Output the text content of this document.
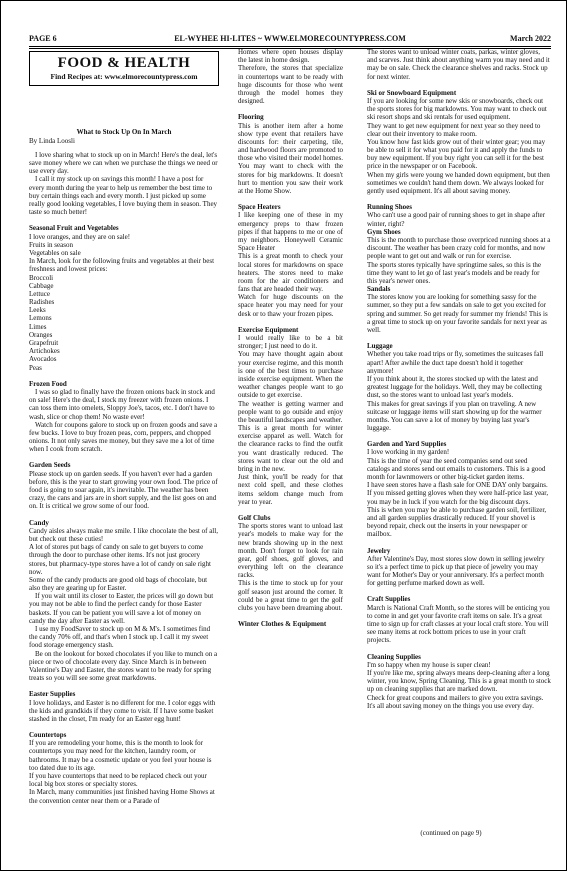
PAGE 6	EL-WYHEE HI-LITES ~ WWW.ELMORECOUNTYPRESS.COM	March 2022
FOOD & HEALTH
Find Recipes at: www.elmorecountypress.com
What to Stock Up On In March
By Linda Loosli

I love sharing what to stock up on in March! Here's the deal, let's save money where we can when we purchase the things we need or use every day.

I call it my stock up on savings this month! I have a post for every month during the year to help us remember the best time to buy certain things each and every month. I just picked up some really good looking vegetables, I love buying them in season. They taste so much better!

Seasonal Fruit and Vegetables

I love oranges, and they are on sale!

Fruits in season

Vegetables on sale

In March, look for the following fruits and vegetables at their best freshness and lowest prices:

Broccoli

Cabbage

Lettuce

Radishes

Leeks

Lemons

Limes

Oranges

Grapefruit

Artichokes

Avocados

Peas

Frozen Food

I was so glad to finally have the frozen onions back in stock and on sale! Here's the deal, I stock my freezer with frozen onions. I can toss them into omelets, Sloppy Joe's, tacos, etc. I don't have to wash, slice or chop them! No waste ever!

Watch for coupons galore to stock up on frozen goods and save a few bucks. I love to buy frozen peas, corn, peppers, and chopped onions. It not only saves me money, but they save me a lot of time when I cook from scratch.

Garden Seeds

Please stock up on garden seeds. If you haven't ever had a garden before, this is the year to start growing your own food. The price of food is going to soar again, it's inevitable. The weather has been crazy, the cans and jars are in short supply, and the list goes on and on. It is critical we grow some of our food.

Candy

Candy aisles always make me smile. I like chocolate the best of all, but check out these cuties!

A lot of stores put bags of candy on sale to get buyers to come through the door to purchase other items. It's not just grocery stores, but pharmacy-type stores have a lot of candy on sale right now.

Some of the candy products are good old bags of chocolate, but also they are gearing up for Easter.

If you wait until its closer to Easter, the prices will go down but you may not be able to find the perfect candy for those Easter baskets. If you can be patient you will save a lot of money on candy the day after Easter as well.

I use my FoodSaver to stock up on M & M's. I sometimes find the candy 70% off, and that's when I stock up. I call it my sweet food storage emergency stash.

Be on the lookout for boxed chocolates if you like to munch on a piece or two of chocolate every day. Since March is in between Valentine's Day and Easter, the stores want to be ready for spring treats so you will see some great markdowns.

Easter Supplies

I love holidays, and Easter is no different for me. I color eggs with the kids and grandkids if they come to visit. If I have some basket stashed in the closet, I'm ready for an Easter egg hunt!

Countertops

If you are remodeling your home, this is the month to look for countertops you may need for the kitchen, laundry room, or bathrooms. It may be a cosmetic update or you feel your house is too dated due to its age.

If you have countertops that need to be replaced check out your local big box stores or specialty stores.

In March, many communities just finished having Home Shows at the convention center near them or a Parade of

Homes where open houses display the latest in home design.

Therefore, the stores that specialize in countertops want to be ready with huge discounts for those who went through the model homes they designed.

Flooring

This is another item after a home show type event that retailers have discounts for: their carpeting, tile, and hardwood floors are promoted to those who visited their model homes. You may want to check with the stores for big markdowns. It doesn't hurt to mention you saw their work at the Home Show.

Space Heaters

I like keeping one of these in my emergency preps to thaw frozen pipes if that happens to me or one of my neighbors. Honeywell Ceramic Space Heater

This is a great month to check your local stores for markdowns on space heaters. The stores need to make room for the air conditioners and fans that are headed their way.

Watch for huge discounts on the space heater you may need for your desk or to thaw your frozen pipes.

Exercise Equipment

I would really like to be a bit stronger; I just need to do it.

You may have thought again about your exercise regime, and this month is one of the best times to purchase inside exercise equipment. When the weather changes people want to go outside to get exercise.

The weather is getting warmer and people want to go outside and enjoy the beautiful landscapes and weather.

This is a great month for winter exercise apparel as well. Watch for the clearance racks to find the outfit you want drastically reduced. The stores want to clear out the old and bring in the new.

Just think, you'll be ready for that next cold spell, and these clothes items seldom change much from year to year.

Golf Clubs

The sports stores want to unload last year's models to make way for the new brands showing up in the next month. Don't forget to look for rain gear, golf shoes, golf gloves, and everything left on the clearance racks.

This is the time to stock up for your golf season just around the corner. It could be a great time to get the golf clubs you have been dreaming about.

Winter Clothes & Equipment

The stores want to unload winter coats, parkas, winter gloves, and scarves. Just think about anything warm you may need and it may be on sale. Check the clearance shelves and racks. Stock up for next winter.

Ski or Snowboard Equipment

If you are looking for some new skis or snowboards, check out the sports stores for big markdowns. You may want to check out ski resort shops and ski rentals for used equipment.

They want to get new equipment for next year so they need to clear out their inventory to make room.

You know how fast kids grow out of their winter gear; you may be able to sell it for what you paid for it and apply the funds to buy new equipment. If you buy right you can sell it for the best price in the newspaper or on Facebook.

When my girls were young we handed down equipment, but then sometimes we couldn't hand them down. We always looked for gently used equipment. It's all about saving money.

Running Shoes

Who can't use a good pair of running shoes to get in shape after winter, right?

Gym Shoes

This is the month to purchase those overpriced running shoes at a discount. The weather has been crazy cold for months, and now people want to get out and walk or run for exercise.

The sports stores typically have springtime sales, so this is the time they want to let go of last year's models and be ready for this year's newer ones.

Sandals

The stores know you are looking for something sassy for the summer, so they put a few sandals on sale to get you excited for spring and summer. So get ready for summer my friends! This is a great time to stock up on your favorite sandals for next year as well.

Luggage

Whether you take road trips or fly, sometimes the suitcases fall apart! After awhile the duct tape doesn't hold it together anymore!

If you think about it, the stores stocked up with the latest and greatest luggage for the holidays. Well, they may be collecting dust, so the stores want to unload last year's models.

This makes for great savings if you plan on traveling. A new suitcase or luggage items will start showing up for the warmer months. You can save a lot of money by buying last year's luggage.

Garden and Yard Supplies

I love working in my garden!

This is the time of year the seed companies send out seed catalogs and stores send out emails to customers. This is a good month for lawnmowers or other big-ticket garden items.

I have seen stores have a flash sale for ONE DAY only bargains. If you missed getting gloves when they were half-price last year, you may be in luck if you watch for the big discount days.

This is when you may be able to purchase garden soil, fertilizer, and all garden supplies drastically reduced. If your shovel is beyond repair, check out the inserts in your newspaper or mailbox.

Jewelry

After Valentine's Day, most stores slow down in selling jewelry so it's a perfect time to pick up that piece of jewelry you may want for Mother's Day or your anniversary. It's a perfect month for getting perfume marked down as well.

Craft Supplies

March is National Craft Month, so the stores will be enticing you to come in and get your favorite craft items on sale. It's a great time to sign up for craft classes at your local craft store. You will see many items at rock bottom prices to use in your craft projects.

Cleaning Supplies

I'm so happy when my house is super clean!

If you're like me, spring always means deep-cleaning after a long winter, you know, Spring Cleaning. This is a great month to stock up on cleaning supplies that are marked down.

Check for great coupons and mailers to give you extra savings. It's all about saving money on the things you use every day.

(continued on page 9)
